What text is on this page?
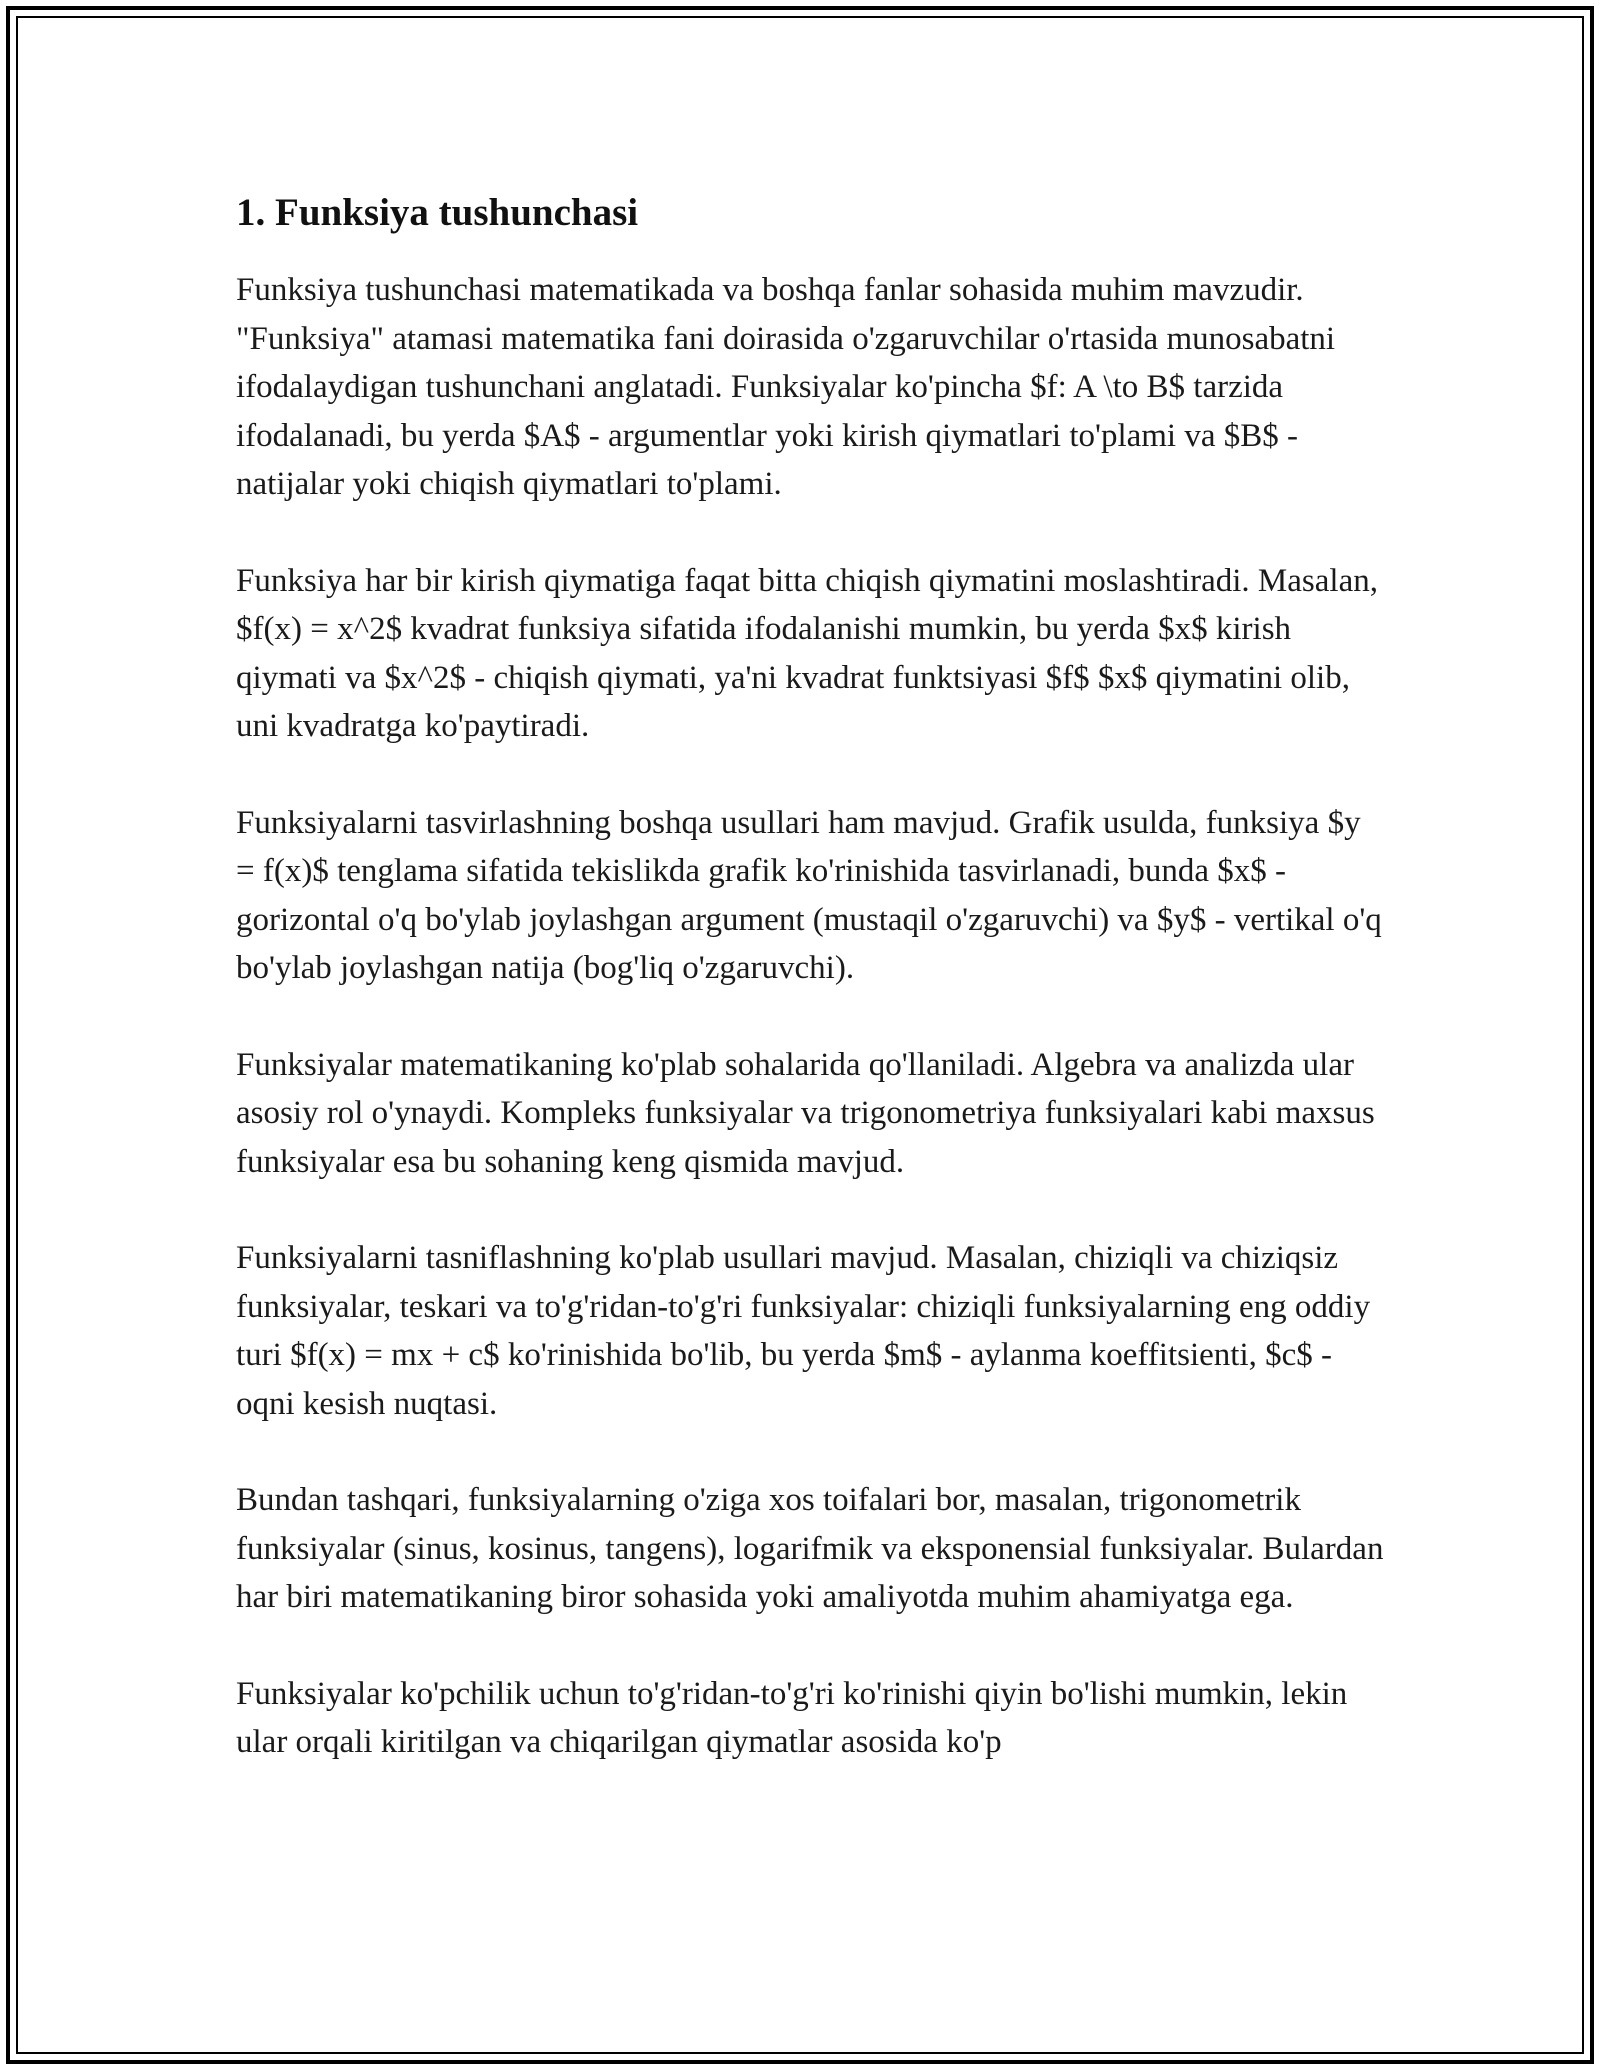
1. Funksiya tushunchasi

Funksiya tushunchasi matematikada va boshqa fanlar sohasida muhim mavzudir. "Funksiya" atamasi matematika fani doirasida o'zgaruvchilar o'rtasida munosabatni ifodalaydigan tushunchani anglatadi. Funksiyalar ko'pincha $f: A \to B$ tarzida ifodalanadi, bu yerda $A$ - argumentlar yoki kirish qiymatlari to'plami va $B$ - natijalar yoki chiqish qiymatlari to'plami.

Funksiya har bir kirish qiymatiga faqat bitta chiqish qiymatini moslashtiradi. Masalan, $f(x) = x^2$ kvadrat funksiya sifatida ifodalanishi mumkin, bu yerda $x$ kirish qiymati va $x^2$ - chiqish qiymati, ya'ni kvadrat funktsiyasi $f$ $x$ qiymatini olib, uni kvadratga ko'paytiradi.

Funksiyalarni tasvirlashning boshqa usullari ham mavjud. Grafik usulda, funksiya $y = f(x)$ tenglama sifatida tekislikda grafik ko'rinishida tasvirlanadi, bunda $x$ - gorizontal o'q bo'ylab joylashgan argument (mustaqil o'zgaruvchi) va $y$ - vertikal o'q bo'ylab joylashgan natija (bog'liq o'zgaruvchi).

Funksiyalar matematikaning ko'plab sohalarida qo'llaniladi. Algebra va analizda ular asosiy rol o'ynaydi. Kompleks funksiyalar va trigonometriya funksiyalari kabi maxsus funksiyalar esa bu sohaning keng qismida mavjud.

Funksiyalarni tasniflashning ko'plab usullari mavjud. Masalan, chiziqli va chiziqsiz funksiyalar, teskari va to'g'ridan-to'g'ri funksiyalar: chiziqli funksiyalarning eng oddiy turi $f(x) = mx + c$ ko'rinishida bo'lib, bu yerda $m$ - aylanma koeffitsienti, $c$ - oqni kesish nuqtasi.

Bundan tashqari, funksiyalarning o'ziga xos toifalari bor, masalan, trigonometrik funksiyalar (sinus, kosinus, tangens), logarifmik va eksponensial funksiyalar. Bulardan har biri matematikaning biror sohasida yoki amaliyotda muhim ahamiyatga ega.

Funksiyalar ko'pchilik uchun to'g'ridan-to'g'ri ko'rinishi qiyin bo'lishi mumkin, lekin ular orqali kiritilgan va chiqarilgan qiymatlar asosida ko'p
